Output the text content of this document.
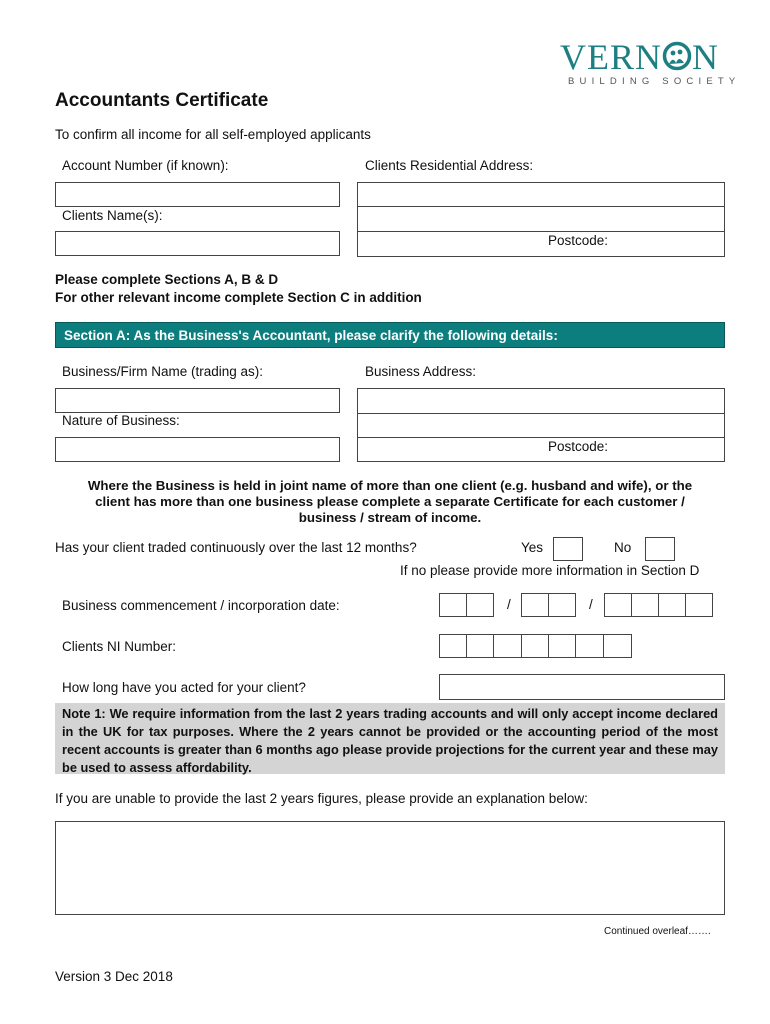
VERN N
BUILDING SOCIETY
Accountants Certificate
To confirm all income for all self-employed applicants
Account Number (if known):	Clients Residential Address:
Clients Name(s):
Postcode:
Please complete Sections A, B & D
For other relevant income complete Section C in addition
Section A: As the Business's Accountant, please clarify the following details:
Business/Firm Name (trading as):	Business Address:
Nature of Business:
Postcode:
Where the Business is held in joint name of more than one client (e.g. husband and wife), or the
client has more than one business please complete a separate Certificate for each customer /
business / stream of income.
Has your client traded continuously over the last 12 months?	Yes	No
If no please provide more information in Section D
Business commencement / incorporation date:	/	/
Clients NI Number:
How long have you acted for your client?
Note 1: We require information from the last 2 years trading accounts and will only accept income declared in the UK for tax purposes. Where the 2 years cannot be provided or the accounting period of the most recent accounts is greater than 6 months ago please provide projections for the current year and these may be used to assess affordability.
If you are unable to provide the last 2 years figures, please provide an explanation below:
Continued overleaf…….
Version 3 Dec 2018
